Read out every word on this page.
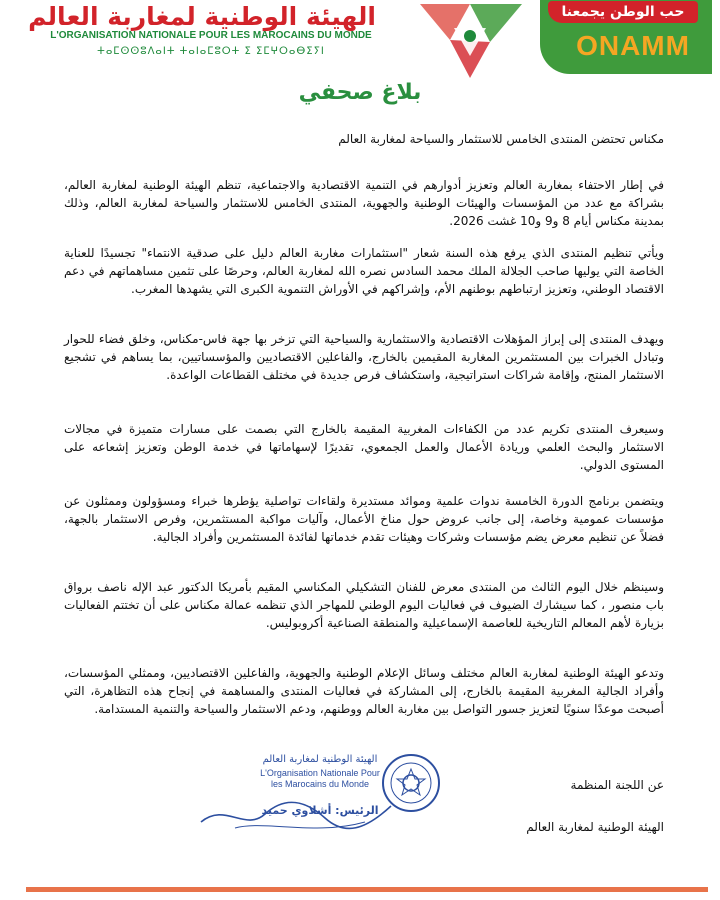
الهيئة الوطنية لمغاربة العالم
L'ORGANISATION NATIONALE POUR LES MAROCAINS DU MONDE
ⵜⴰⵎⵙⵙⵓⴷⴰⵏⵜ ⵜⴰⵏⴰⵎⵓⵔⵜ ⵉ ⵉⵎⵖⵔⴰⴱⵉⵢⵏ
حب الوطن يجمعنا
ONAMM
بلاغ صحفي
مكناس تحتضن المنتدى الخامس للاستثمار والسياحة لمغاربة العالم

في إطار الاحتفاء بمغاربة العالم وتعزيز أدوارهم في التنمية الاقتصادية والاجتماعية، تنظم الهيئة الوطنية لمغاربة العالم، بشراكة مع عدد من المؤسسات والهيئات الوطنية والجهوية، المنتدى الخامس للاستثمار والسياحة لمغاربة العالم، وذلك بمدينة مكناس أيام 8 و9 و10 غشت 2026.

ويأتي تنظيم المنتدى الذي يرفع هذه السنة شعار "استثمارات مغاربة العالم دليل على صدقية الانتماء" تجسيدًا للعناية الخاصة التي يوليها صاحب الجلالة الملك محمد السادس نصره الله لمغاربة العالم، وحرصًا على تثمين مساهماتهم في دعم الاقتصاد الوطني، وتعزيز ارتباطهم بوطنهم الأم، وإشراكهم في الأوراش التنموية الكبرى التي يشهدها المغرب.

ويهدف المنتدى إلى إبراز المؤهلات الاقتصادية والاستثمارية والسياحية التي تزخر بها جهة فاس-مكناس، وخلق فضاء للحوار وتبادل الخبرات بين المستثمرين المغاربة المقيمين بالخارج، والفاعلين الاقتصاديين والمؤسساتيين، بما يساهم في تشجيع الاستثمار المنتج، وإقامة شراكات استراتيجية، واستكشاف فرص جديدة في مختلف القطاعات الواعدة.

وسيعرف المنتدى تكريم عدد من الكفاءات المغربية المقيمة بالخارج التي بصمت على مسارات متميزة في مجالات الاستثمار والبحث العلمي وريادة الأعمال والعمل الجمعوي، تقديرًا لإسهاماتها في خدمة الوطن وتعزيز إشعاعه على المستوى الدولي.

ويتضمن برنامج الدورة الخامسة ندوات علمية وموائد مستديرة ولقاءات تواصلية يؤطرها خبراء ومسؤولون وممثلون عن مؤسسات عمومية وخاصة، إلى جانب عروض حول مناخ الأعمال، وآليات مواكبة المستثمرين، وفرص الاستثمار بالجهة، فضلاً عن تنظيم معرض يضم مؤسسات وشركات وهيئات تقدم خدماتها لفائدة المستثمرين وأفراد الجالية.

وسينظم خلال اليوم الثالث من المنتدى معرض للفنان التشكيلي المكناسي المقيم بأمريكا الدكتور عبد الإله ناصف برواق باب منصور ، كما سيشارك الضيوف في فعاليات اليوم الوطني للمهاجر الذي تنظمه عمالة مكناس على أن تختتم الفعاليات بزيارة لأهم المعالم التاريخية للعاصمة الإسماعيلية والمنطقة الصناعية أكروبوليس.

وتدعو الهيئة الوطنية لمغاربة العالم مختلف وسائل الإعلام الوطنية والجهوية، والفاعلين الاقتصاديين، وممثلي المؤسسات، وأفراد الجالية المغربية المقيمة بالخارج، إلى المشاركة في فعاليات المنتدى والمساهمة في إنجاح هذه التظاهرة، التي أصبحت موعدًا سنويًا لتعزيز جسور التواصل بين مغاربة العالم ووطنهم، ودعم الاستثمار والسياحة والتنمية المستدامة.

عن اللجنة المنظمة
الهيئة الوطنية لمغاربة العالم
الهيئة الوطنية لمغاربة العالم
L'Organisation Nationale Pour les Marocains du Monde
الرئيس: أشلاوي حميد
